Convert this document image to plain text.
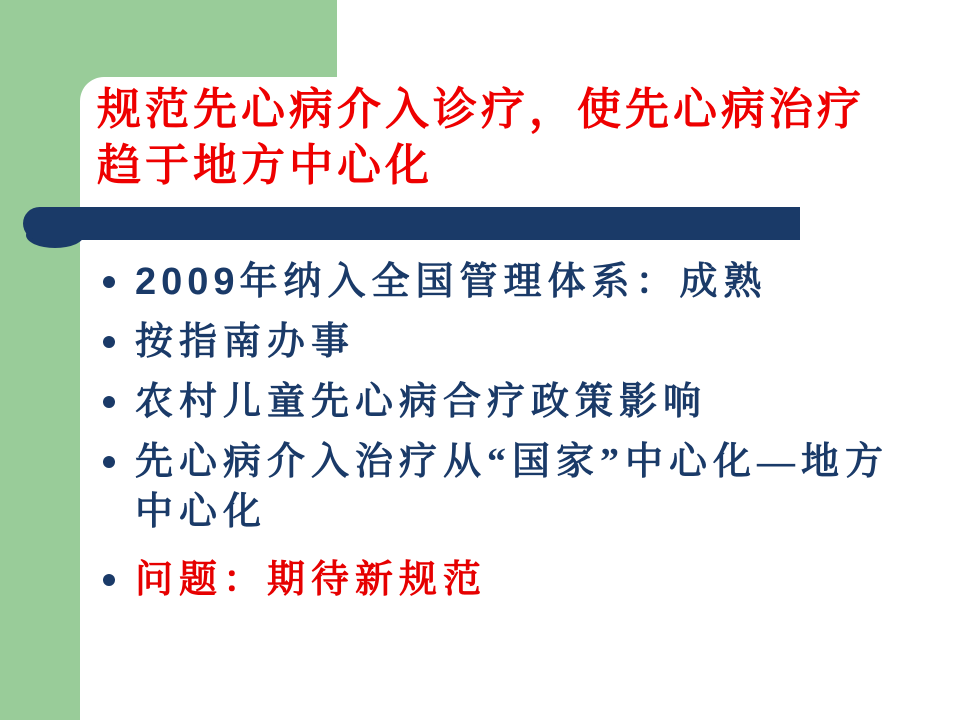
规范先心病介入诊疗，使先心病治疗
趋于地方中心化
2009年纳入全国管理体系：成熟
按指南办事
农村儿童先心病合疗政策影响
先心病介入治疗从“国家”中心化—地方中心化
问题：期待新规范
